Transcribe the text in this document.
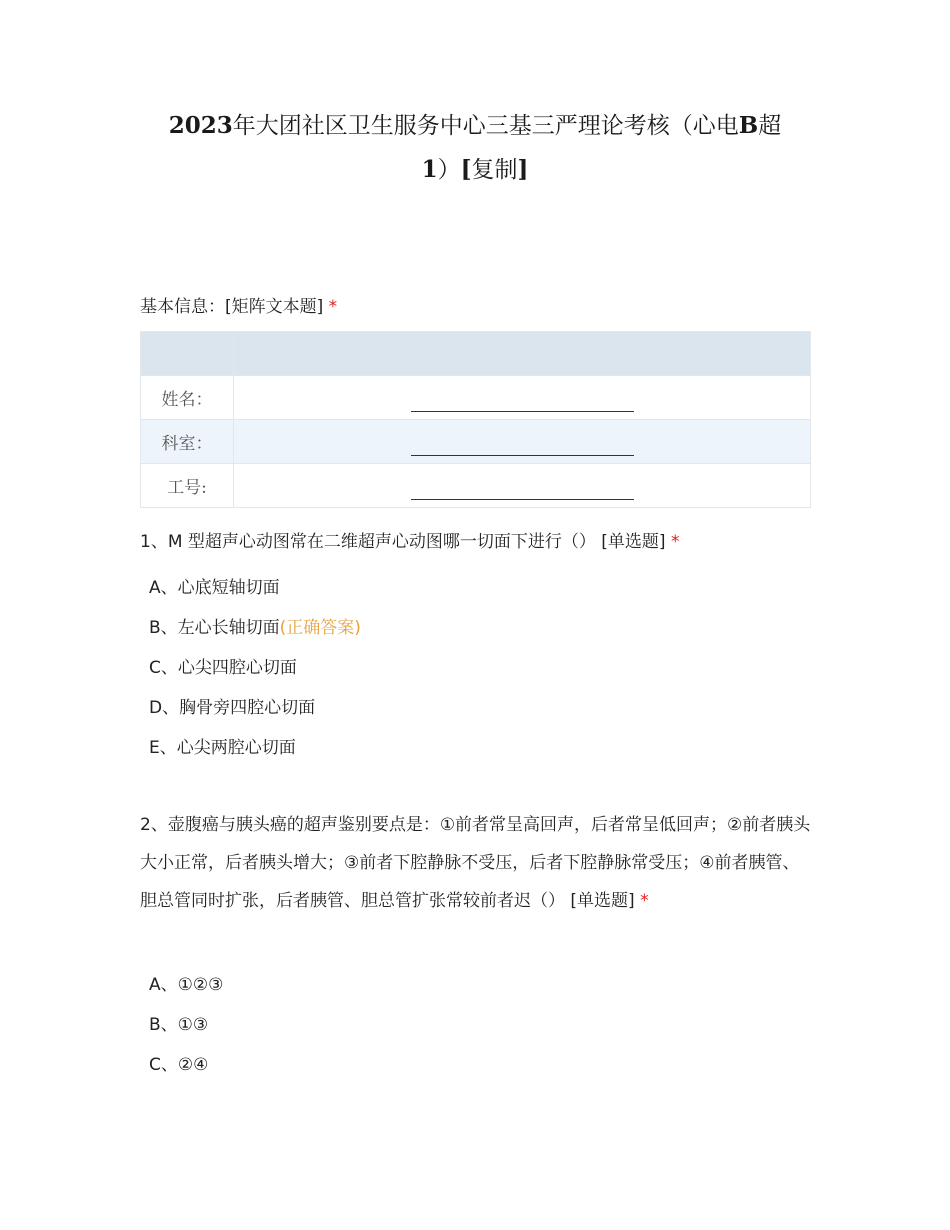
2023年大团社区卫生服务中心三基三严理论考核（心电B超
1）[复制]
基本信息：[矩阵文本题] *

姓名：	

科室：	

工号:	
1、M 型超声心动图常在二维超声心动图哪一切面下进行（） [单选题] *
A、心底短轴切面
B、左心长轴切面(正确答案)
C、心尖四腔心切面
D、胸骨旁四腔心切面
E、心尖两腔心切面
2、壶腹癌与胰头癌的超声鉴别要点是：①前者常呈高回声，后者常呈低回声；②前者胰头大小正常，后者胰头增大；③前者下腔静脉不受压，后者下腔静脉常受压；④前者胰管、胆总管同时扩张，后者胰管、胆总管扩张常较前者迟（） [单选题] *
A、①②③
B、①③
C、②④
